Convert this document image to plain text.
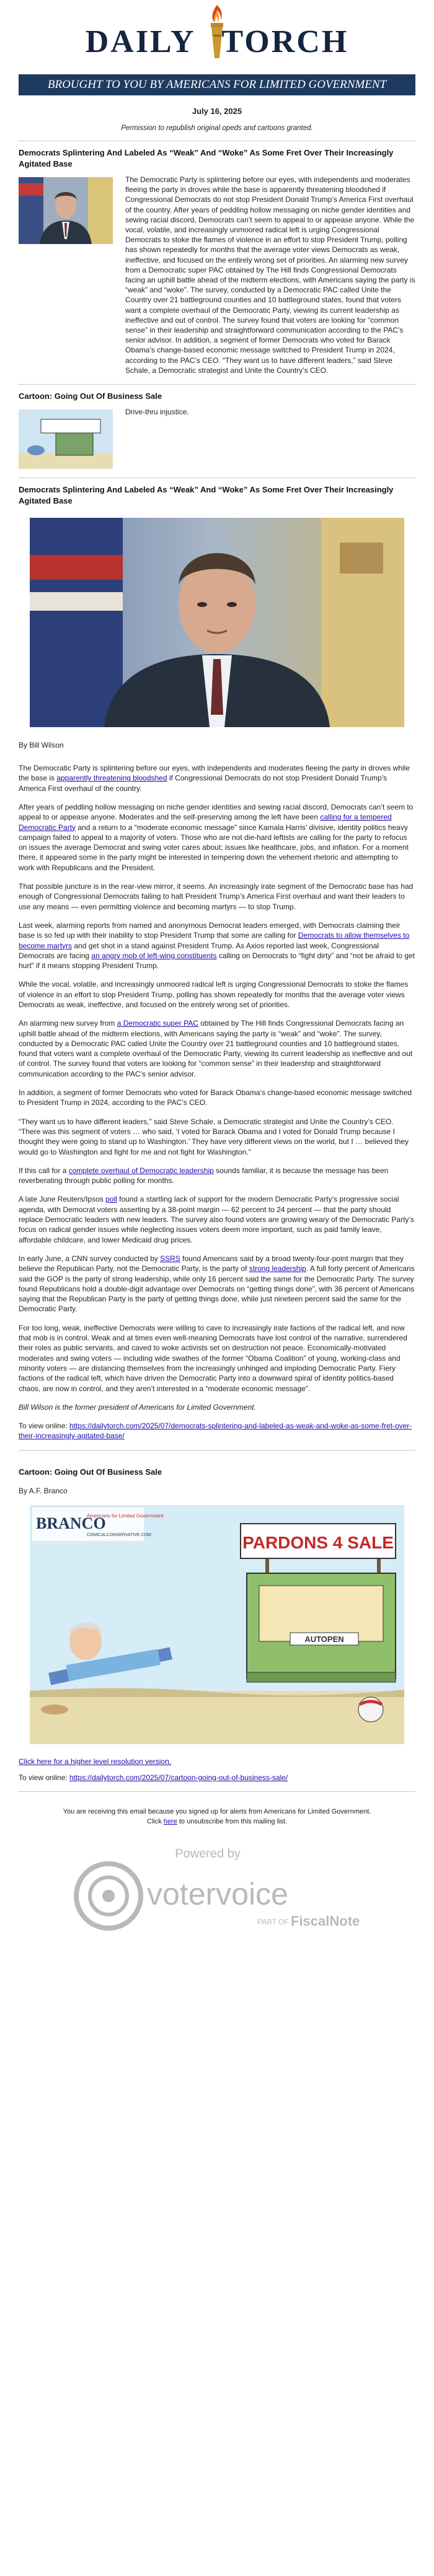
DAILY TORCH
BROUGHT TO YOU BY AMERICANS FOR LIMITED GOVERNMENT
July 16, 2025
Permission to republish original opeds and cartoons granted.
Democrats Splintering And Labeled As “Weak” And “Woke” As Some Fret Over Their Increasingly Agitated Base

The Democratic Party is splintering before our eyes, with independents and moderates fleeing the party in droves while the base is apparently threatening bloodshed if Congressional Democrats do not stop President Donald Trump’s America First overhaul of the country. After years of peddling hollow messaging on niche gender identities and sewing racial discord, Democrats can’t seem to appeal to or appease anyone. While the vocal, volatile, and increasingly unmoored radical left is urging Congressional Democrats to stoke the flames of violence in an effort to stop President Trump, polling has shown repeatedly for months that the average voter views Democrats as weak, ineffective, and focused on the entirely wrong set of priorities. An alarming new survey from a Democratic super PAC obtained by The Hill finds Congressional Democrats facing an uphill battle ahead of the midterm elections, with Americans saying the party is “weak” and “woke”. The survey, conducted by a Democratic PAC called Unite the Country over 21 battleground counties and 10 battleground states, found that voters want a complete overhaul of the Democratic Party, viewing its current leadership as ineffective and out of control. The survey found that voters are looking for “common sense” in their leadership and straightforward communication according to the PAC’s senior advisor. In addition, a segment of former Democrats who voted for Barack Obama’s change-based economic message switched to President Trump in 2024, according to the PAC’s CEO. “They want us to have different leaders,” said Steve Schale, a Democratic strategist and Unite the Country’s CEO.

Cartoon: Going Out Of Business Sale

Drive-thru injustice.

Democrats Splintering And Labeled As “Weak” And “Woke” As Some Fret Over Their Increasingly Agitated Base
By Bill Wilson

The Democratic Party is splintering before our eyes, with independents and moderates fleeing the party in droves while the base is apparently threatening bloodshed if Congressional Democrats do not stop President Donald Trump’s America First overhaul of the country.

After years of peddling hollow messaging on niche gender identities and sewing racial discord, Democrats can’t seem to appeal to or appease anyone. Moderates and the self-preserving among the left have been calling for a tempered Democratic Party and a return to a “moderate economic message” since Kamala Harris’ divisive, identity politics heavy campaign failed to appeal to a majority of voters. Those who are not die-hard leftists are calling for the party to refocus on issues the average Democrat and swing voter cares about; issues like healthcare, jobs, and inflation. For a moment there, it appeared some in the party might be interested in tempering down the vehement rhetoric and attempting to work with Republicans and the President.

That possible juncture is in the rear-view mirror, it seems. An increasingly irate segment of the Democratic base has had enough of Congressional Democrats failing to halt President Trump’s America First overhaul and want their leaders to use any means — even permitting violence and becoming martyrs — to stop Trump.

Last week, alarming reports from named and anonymous Democrat leaders emerged, with Democrats claiming their base is so fed up with their inability to stop President Trump that some are calling for Democrats to allow themselves to become martyrs and get shot in a stand against President Trump. As Axios reported last week, Congressional Democrats are facing an angry mob of left-wing constituents calling on Democrats to “fight dirty” and “not be afraid to get hurt” if it means stopping President Trump.

While the vocal, volatile, and increasingly unmoored radical left is urging Congressional Democrats to stoke the flames of violence in an effort to stop President Trump, polling has shown repeatedly for months that the average voter views Democrats as weak, ineffective, and focused on the entirely wrong set of priorities.

An alarming new survey from a Democratic super PAC obtained by The Hill finds Congressional Democrats facing an uphill battle ahead of the midterm elections, with Americans saying the party is “weak” and “woke”. The survey, conducted by a Democratic PAC called Unite the Country over 21 battleground counties and 10 battleground states, found that voters want a complete overhaul of the Democratic Party, viewing its current leadership as ineffective and out of control. The survey found that voters are looking for “common sense” in their leadership and straightforward communication according to the PAC’s senior advisor.

In addition, a segment of former Democrats who voted for Barack Obama’s change-based economic message switched to President Trump in 2024, according to the PAC’s CEO.

“They want us to have different leaders,” said Steve Schale, a Democratic strategist and Unite the Country’s CEO. “There was this segment of voters … who said, ‘I voted for Barack Obama and I voted for Donald Trump because I thought they were going to stand up to Washington.’ They have very different views on the world, but I … believed they would go to Washington and fight for me and not fight for Washington.”

If this call for a complete overhaul of Democratic leadership sounds familiar, it is because the message has been reverberating through public polling for months.

A late June Reuters/Ipsos poll found a startling lack of support for the modern Democratic Party’s progressive social agenda, with Democrat voters asserting by a 38-point margin — 62 percent to 24 percent — that the party should replace Democratic leaders with new leaders. The survey also found voters are growing weary of the Democratic Party’s focus on radical gender issues while neglecting issues voters deem more important, such as paid family leave, affordable childcare, and lower Medicaid drug prices.

In early June, a CNN survey conducted by SSRS found Americans said by a broad twenty-four-point margin that they believe the Republican Party, not the Democratic Party, is the party of strong leadership. A full forty percent of Americans said the GOP is the party of strong leadership, while only 16 percent said the same for the Democratic Party. The survey found Republicans hold a double-digit advantage over Democrats on “getting things done”, with 36 percent of Americans saying that the Republican Party is the party of getting things done, while just nineteen percent said the same for the Democratic Party.

For too long, weak, ineffective Democrats were willing to cave to increasingly irate factions of the radical left, and now that mob is in control. Weak and at times even well-meaning Democrats have lost control of the narrative, surrendered their roles as public servants, and caved to woke activists set on destruction not peace. Economically-motivated moderates and swing voters — including wide swathes of the former “Obama Coalition” of young, working-class and minority voters — are distancing themselves from the increasingly unhinged and imploding Democratic Party. Fiery factions of the radical left, which have driven the Democratic Party into a downward spiral of identity politics-based chaos, are now in control, and they aren’t interested in a “moderate economic message”.

Bill Wilson is the former president of Americans for Limited Government.

To view online: https://dailytorch.com/2025/07/democrats-splintering-and-labeled-as-weak-and-woke-as-some-fret-over-their-increasingly-agitated-base/

Cartoon: Going Out Of Business Sale
By A.F. Branco
BRANCO
Americans for Limited Government
COMICALCONSERVATIVE.COM	PARDONS 4 SALE
AUTOPEN

Click here for a higher level resolution version.

To view online: https://dailytorch.com/2025/07/cartoon-going-out-of-business-sale/

You are receiving this email because you signed up for alerts from Americans for Limited Government.
Click here to unsubscribe from this mailing list.
Powered by
votervoice
PART OF FiscalNote
